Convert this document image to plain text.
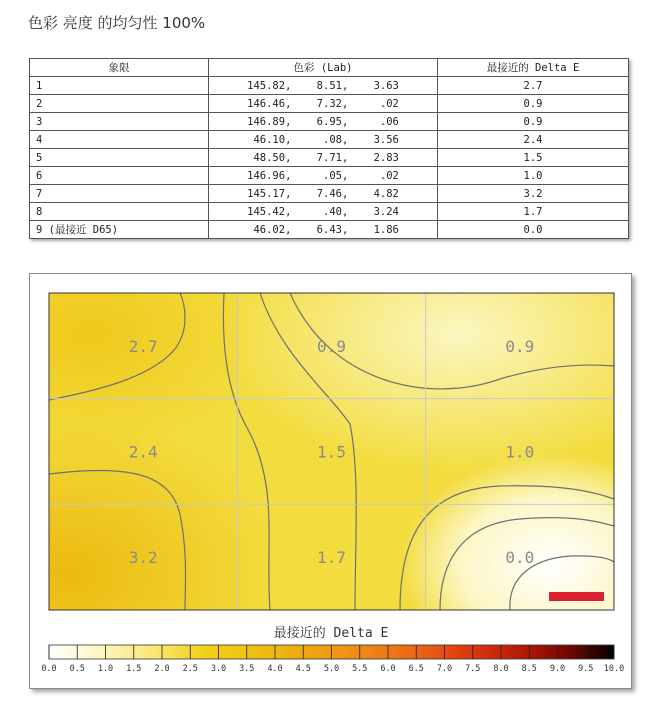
色彩 亮度 的均匀性 100%
象限	色彩 (Lab)	最接近的 Delta E
1	145.82,    8.51,    3.63	2.7
2	146.46,    7.32,     .02	0.9
3	146.89,    6.95,     .06	0.9
4	46.10,     .08,    3.56	2.4
5	48.50,    7.71,    2.83	1.5
6	146.96,     .05,     .02	1.0
7	145.17,    7.46,    4.82	3.2
8	145.42,     .40,    3.24	1.7
9 (最接近 D65)	46.02,    6.43,    1.86	0.0
2.7	0.9	0.9
2.4	1.5	1.0
3.2	1.7	0.0
最接近的 Delta E
0.0 0.5 1.0 1.5 2.0 2.5 3.0 3.5 4.0 4.5 5.0 5.5 6.0 6.5 7.0 7.5 8.0 8.5 9.0 9.5 10.0
